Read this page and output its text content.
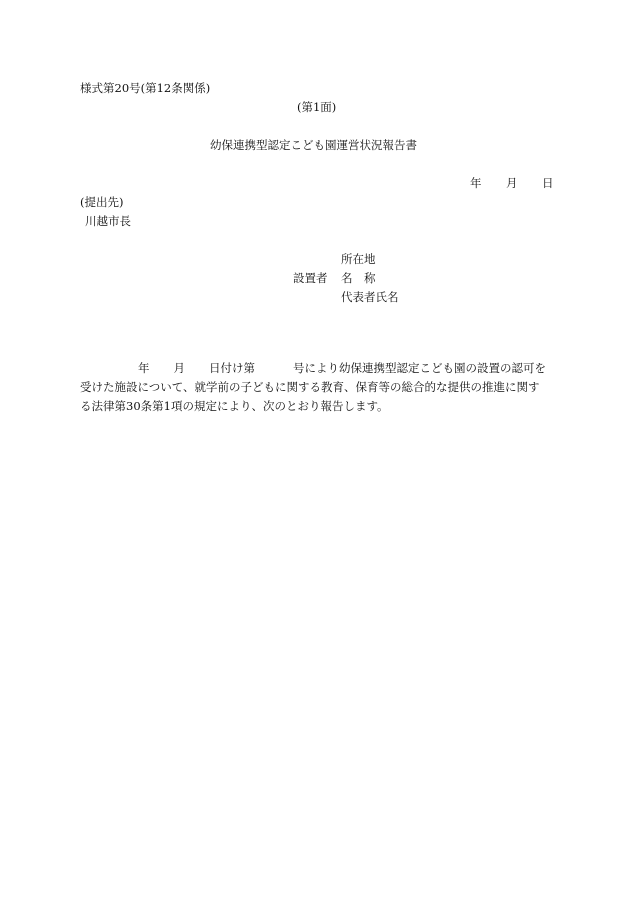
様式第20号(第12条関係)
(第1面)
幼保連携型認定こども園運営状況報告書
年 月 日
(提出先)
川越市長
所在地
設置者 名　称
代表者氏名
年 月 日付け第	号により幼保連携型認定こども園の設置の認可を
受けた施設について、就学前の子どもに関する教育、保育等の総合的な提供の推進に関す
る法律第30条第1項の規定により、次のとおり報告します。
